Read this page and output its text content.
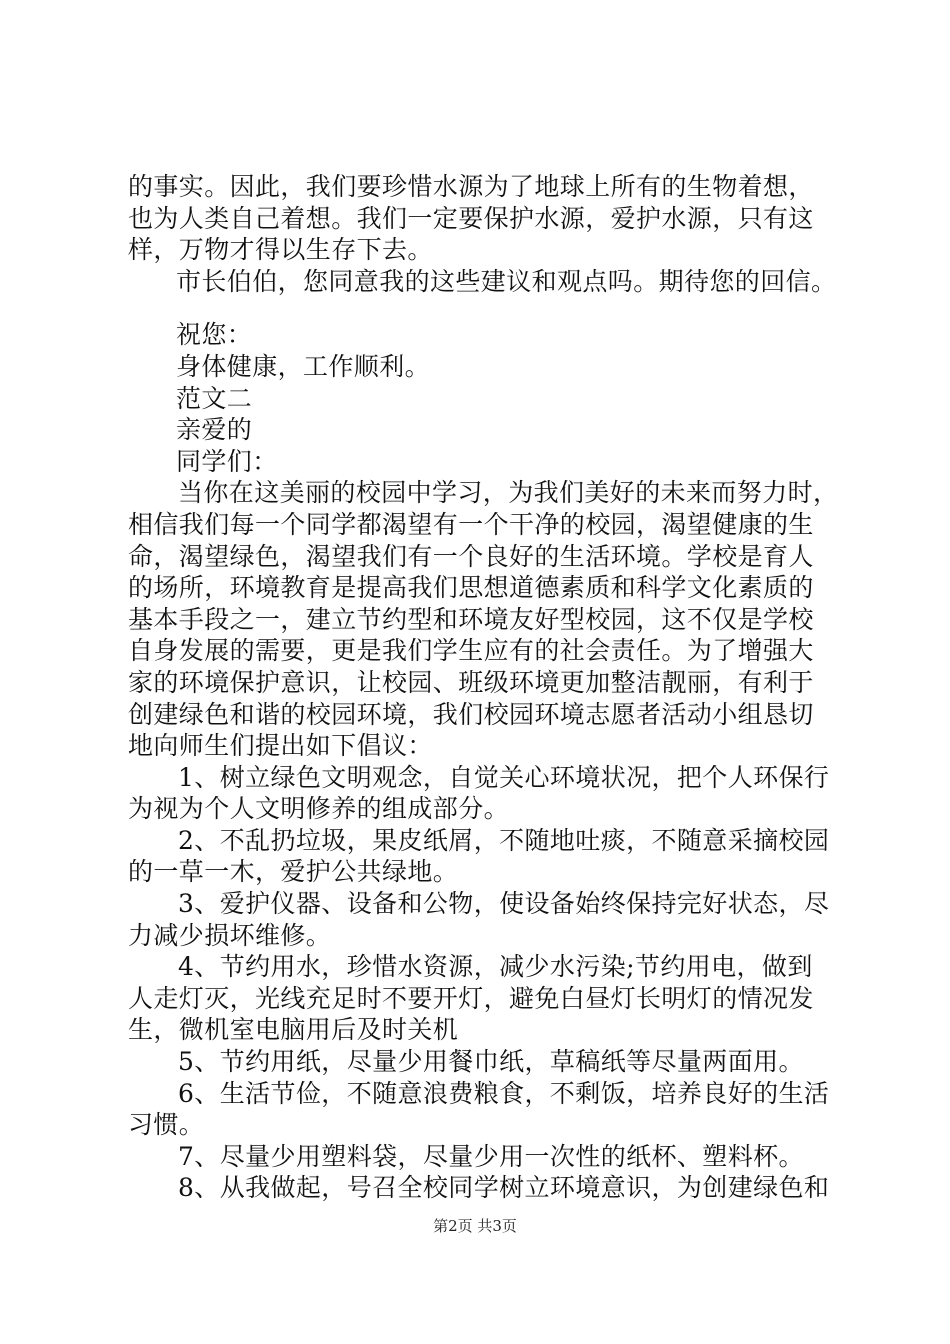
的事实。因此，我们要珍惜水源为了地球上所有的生物着想，
也为人类自己着想。我们一定要保护水源，爱护水源，只有这
样，万物才得以生存下去。
市长伯伯，您同意我的这些建议和观点吗。期待您的回信。
祝您：
身体健康，工作顺利。
范文二
亲爱的
同学们：
当你在这美丽的校园中学习，为我们美好的未来而努力时，
相信我们每一个同学都渴望有一个干净的校园，渴望健康的生
命，渴望绿色，渴望我们有一个良好的生活环境。学校是育人
的场所，环境教育是提高我们思想道德素质和科学文化素质的
基本手段之一，建立节约型和环境友好型校园，这不仅是学校
自身发展的需要，更是我们学生应有的社会责任。为了增强大
家的环境保护意识，让校园、班级环境更加整洁靓丽，有利于
创建绿色和谐的校园环境，我们校园环境志愿者活动小组恳切
地向师生们提出如下倡议：
1、树立绿色文明观念，自觉关心环境状况，把个人环保行
为视为个人文明修养的组成部分。
2、不乱扔垃圾，果皮纸屑，不随地吐痰，不随意采摘校园
的一草一木，爱护公共绿地。
3、爱护仪器、设备和公物，使设备始终保持完好状态，尽
力减少损坏维修。
4、节约用水，珍惜水资源，减少水污染;节约用电，做到
人走灯灭，光线充足时不要开灯，避免白昼灯长明灯的情况发
生，微机室电脑用后及时关机
5、节约用纸，尽量少用餐巾纸，草稿纸等尽量两面用。
6、生活节俭，不随意浪费粮食，不剩饭，培养良好的生活
习惯。
7、尽量少用塑料袋，尽量少用一次性的纸杯、塑料杯。
8、从我做起，号召全校同学树立环境意识，为创建绿色和
第2页 共3页
